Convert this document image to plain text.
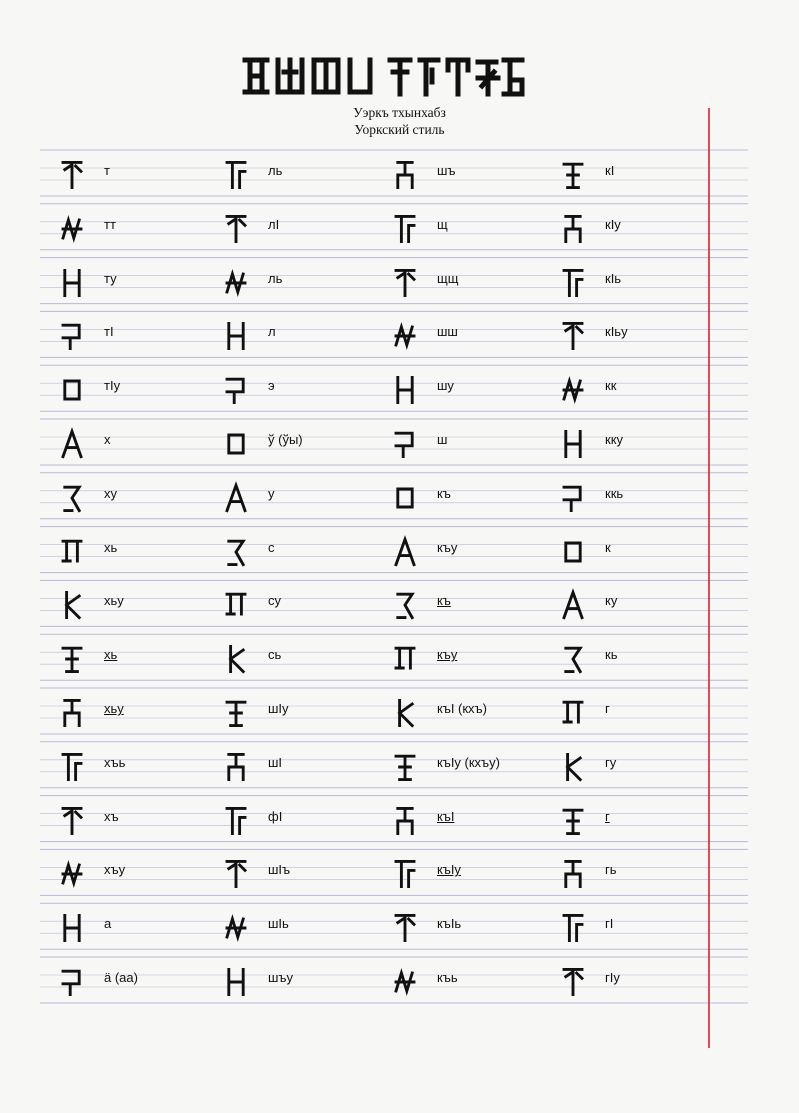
Уэркъ тхынхабз
Уоркский стиль
т
тт
ту
тI
тIу
х
ху
хь
хьу
хь
хьу
хъь
хъ
хъу
а
ä (аа)
ль
лI
ль
л
э
ў (ўы)
у
с
су
сь
шIу
шI
фI
шIъ
шIь
шъу
шъ
щ
щщ
шш
шу
ш
къ
къу
къ
къу
къI (кхъ)
къIу (кхъу)
къI
къIу
къIь
къь
кI
кIу
кIь
кIьу
кк
кку
ккь
к
ку
кь
г
гу
г
гь
гI
гIу
